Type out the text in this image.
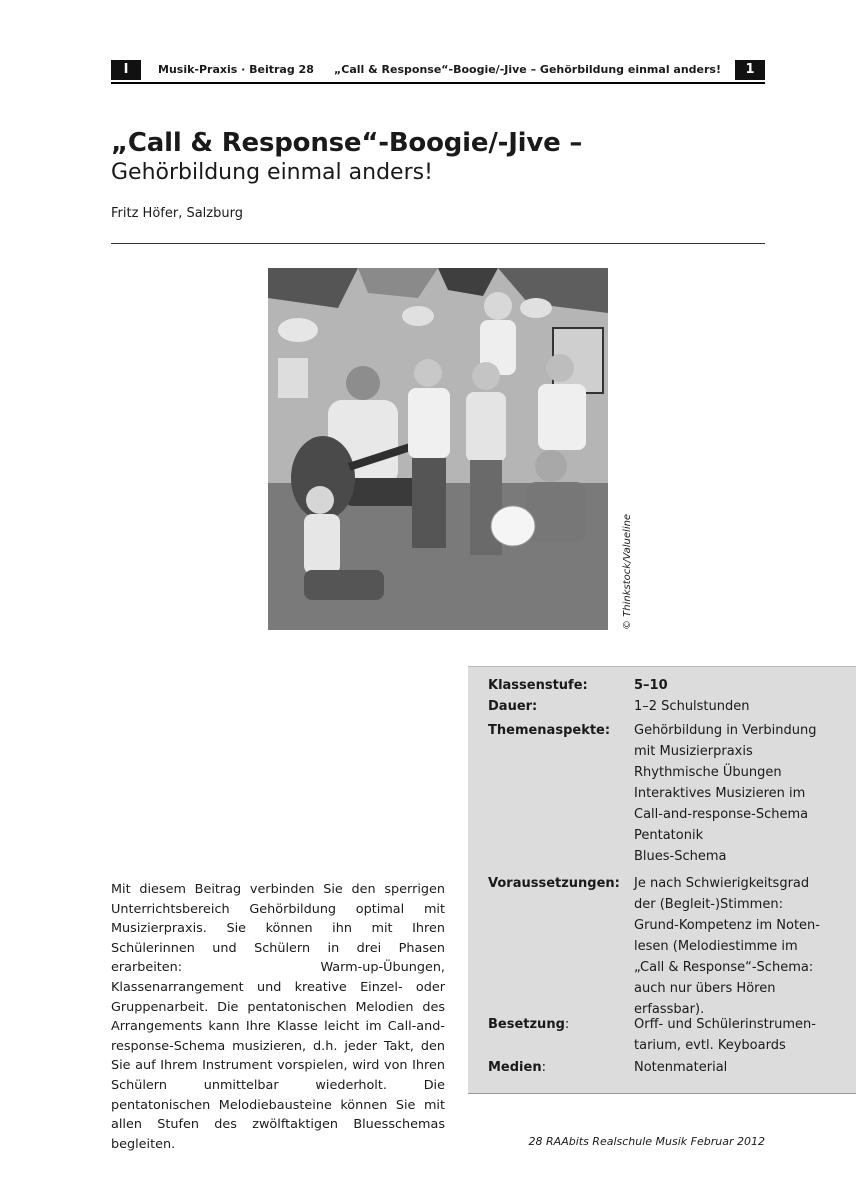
I	Musik-Praxis · Beitrag 28 „Call & Response“-Boogie/-Jive – Gehörbildung einmal anders!	1
„Call & Response“-Boogie/-Jive –
Gehörbildung einmal anders!
Fritz Höfer, Salzburg
© Thinkstock/Valueline

Mit diesem Beitrag verbinden Sie den sperrigen Unterrichtsbereich Gehörbildung optimal mit Musizierpraxis. Sie können ihn mit Ihren Schülerinnen und Schülern in drei Phasen erarbeiten: Warm-up-Übungen, Klassenarrangement und kreative Einzel- oder Gruppenarbeit. Die pentatonischen Melodien des Arrangements kann Ihre Klasse leicht im Call-and-response-Schema musizieren, d.h. jeder Takt, den Sie auf Ihrem Instrument vorspielen, wird von Ihren Schülern unmittelbar wiederholt. Die pentatonischen Melodiebausteine können Sie mit allen Stufen des zwölftaktigen Bluesschemas begleiten.

Klassenstufe:	5–10
Dauer:	1–2 Schulstunden
Themenaspekte: Gehörbildung in Verbindung
mit Musizierpraxis
Rhythmische Übungen
Interaktives Musizieren im
Call-and-response-Schema
Pentatonik
Blues-Schema
Voraussetzungen: Je nach Schwierigkeitsgrad
der (Begleit-)Stimmen:
Grund-Kompetenz im Noten-
lesen (Melodiestimme im
„Call & Response“-Schema:
auch nur übers Hören
erfassbar).
Besetzung:	Orff- und Schülerinstrumen-
tarium, evtl. Keyboards
Medien:	Notenmaterial
28 RAAbits Realschule Musik Februar 2012
